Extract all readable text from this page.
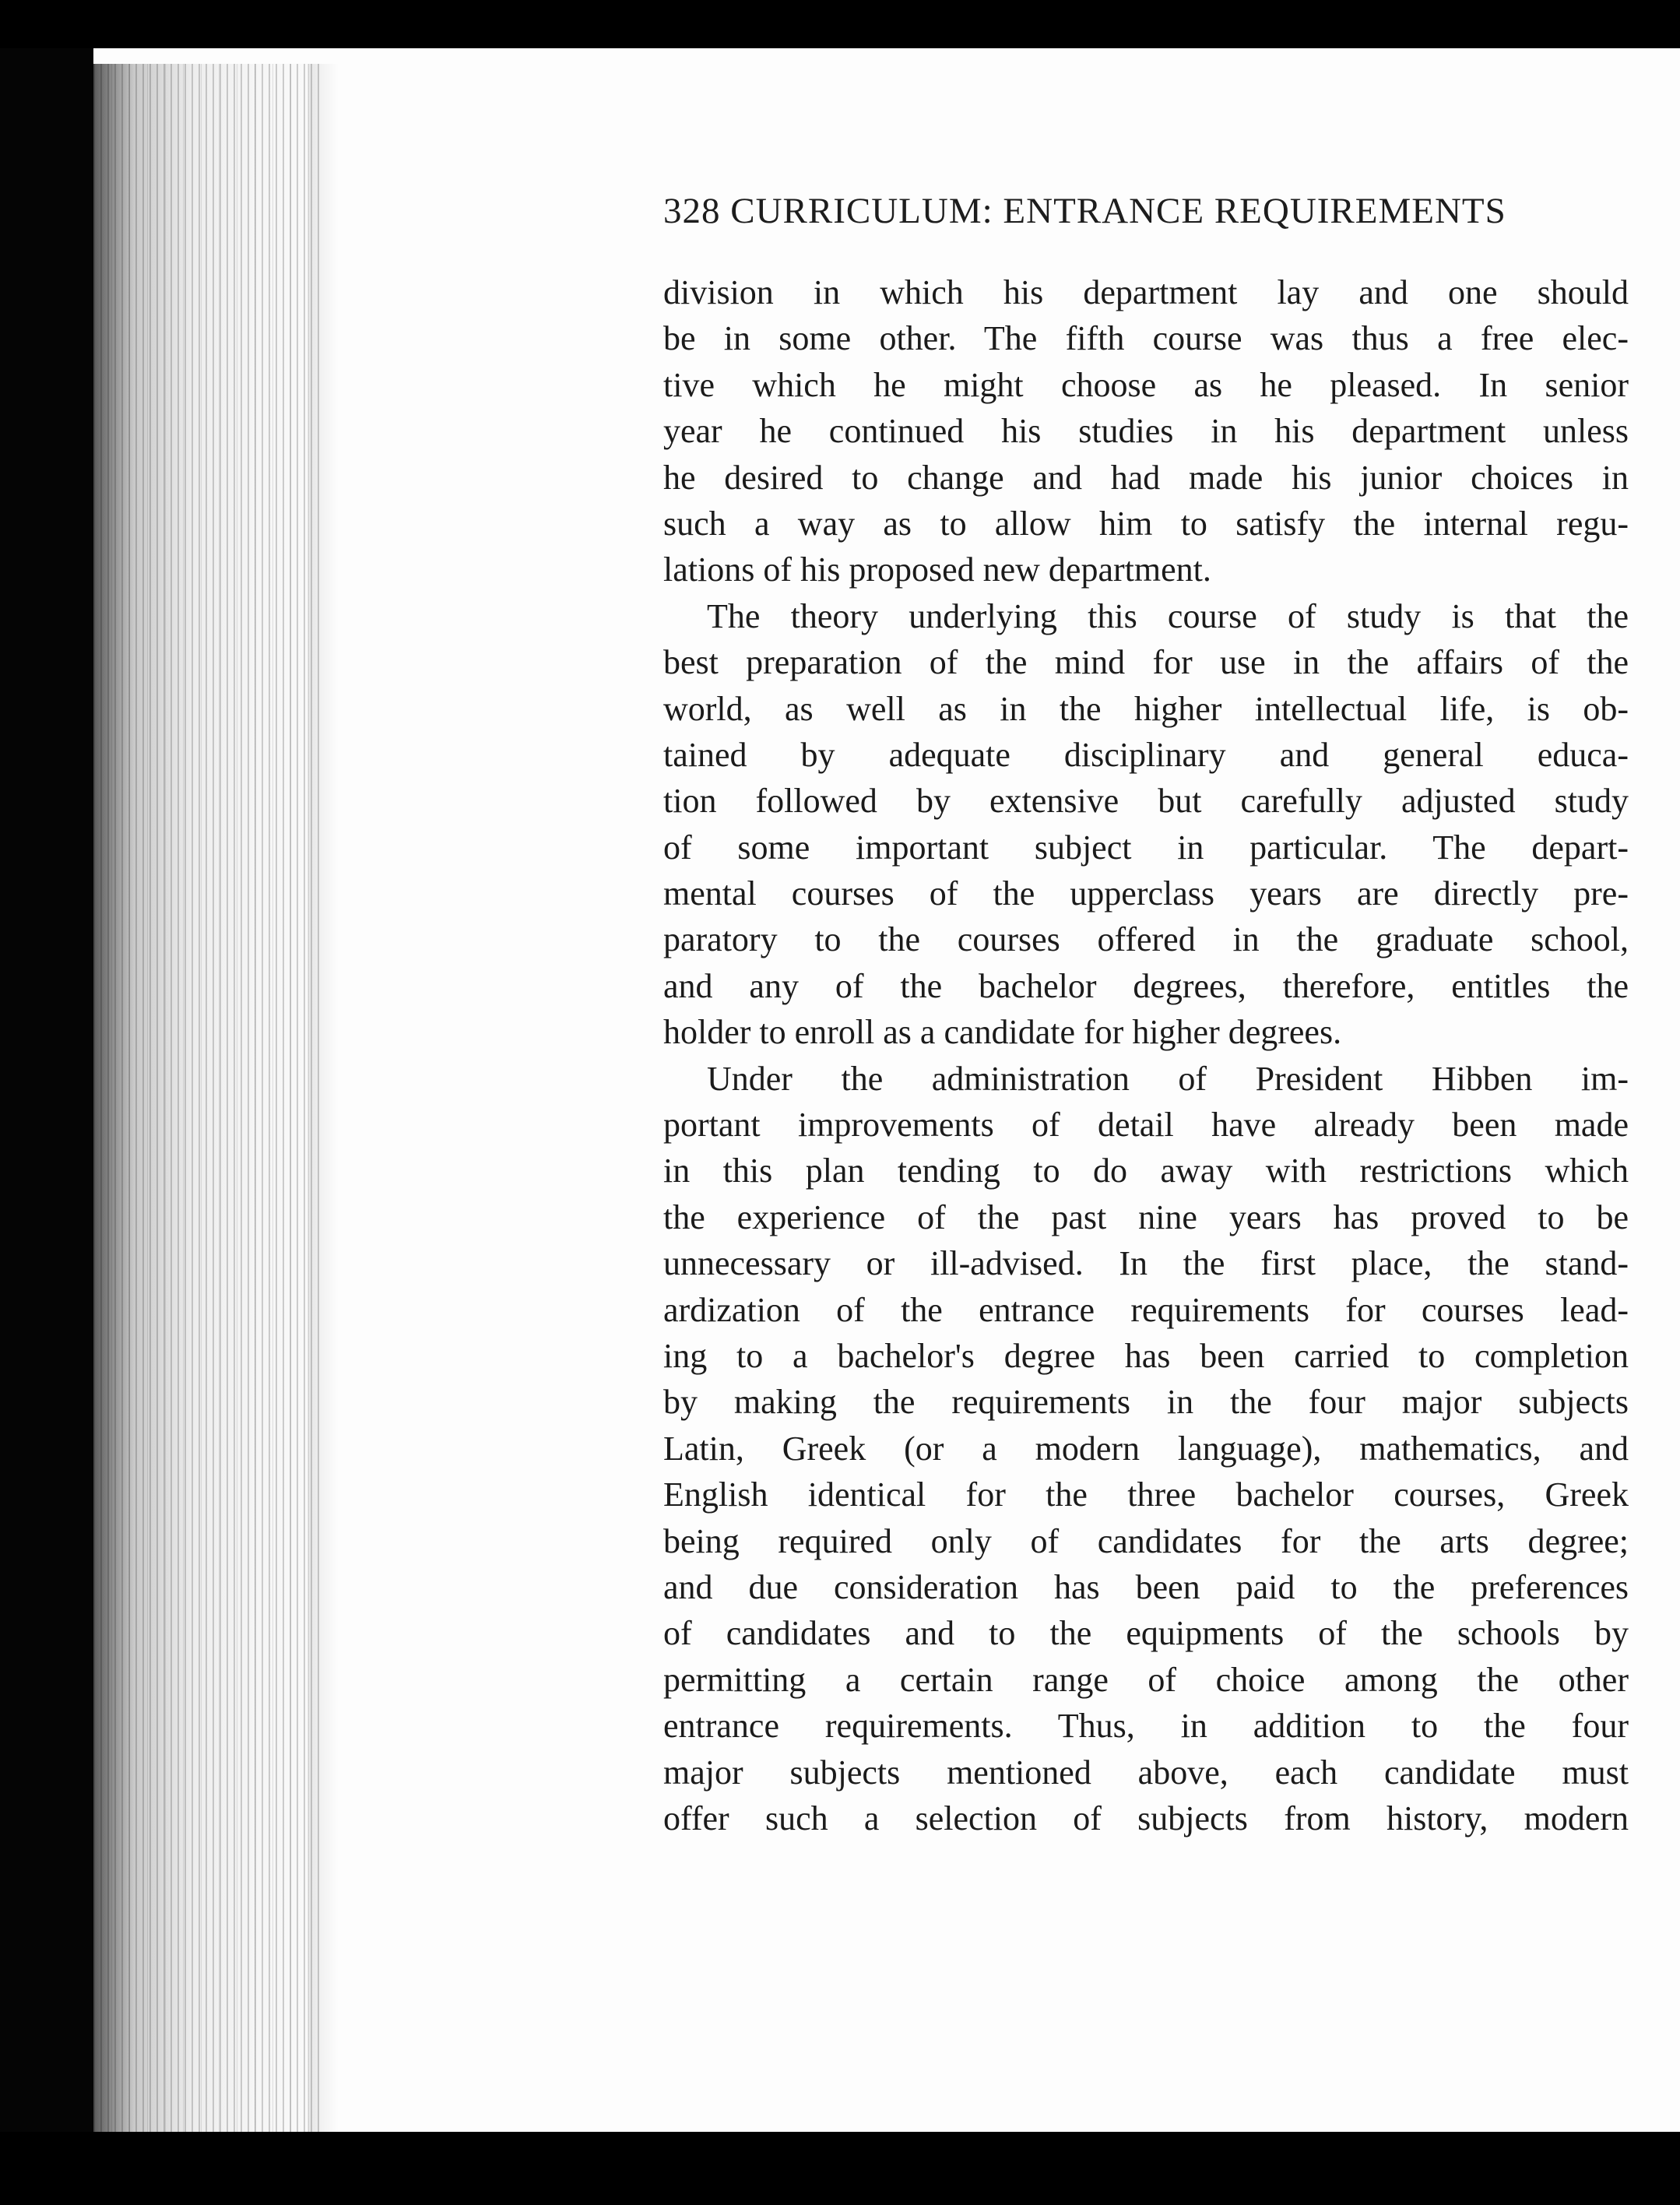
328 CURRICULUM: ENTRANCE REQUIREMENTS
division in which his department lay and one should
be in some other. The fifth course was thus a free elec-
tive which he might choose as he pleased. In senior
year he continued his studies in his department unless
he desired to change and had made his junior choices in
such a way as to allow him to satisfy the internal regu-
lations of his proposed new department.
The theory underlying this course of study is that the
best preparation of the mind for use in the affairs of the
world, as well as in the higher intellectual life, is ob-
tained by adequate disciplinary and general educa-
tion followed by extensive but carefully adjusted study
of some important subject in particular. The depart-
mental courses of the upperclass years are directly pre-
paratory to the courses offered in the graduate school,
and any of the bachelor degrees, therefore, entitles the
holder to enroll as a candidate for higher degrees.
Under the administration of President Hibben im-
portant improvements of detail have already been made
in this plan tending to do away with restrictions which
the experience of the past nine years has proved to be
unnecessary or ill-advised. In the first place, the stand-
ardization of the entrance requirements for courses lead-
ing to a bachelor's degree has been carried to completion
by making the requirements in the four major subjects
Latin, Greek (or a modern language), mathematics, and
English identical for the three bachelor courses, Greek
being required only of candidates for the arts degree;
and due consideration has been paid to the preferences
of candidates and to the equipments of the schools by
permitting a certain range of choice among the other
entrance requirements. Thus, in addition to the four
major subjects mentioned above, each candidate must
offer such a selection of subjects from history, modern
